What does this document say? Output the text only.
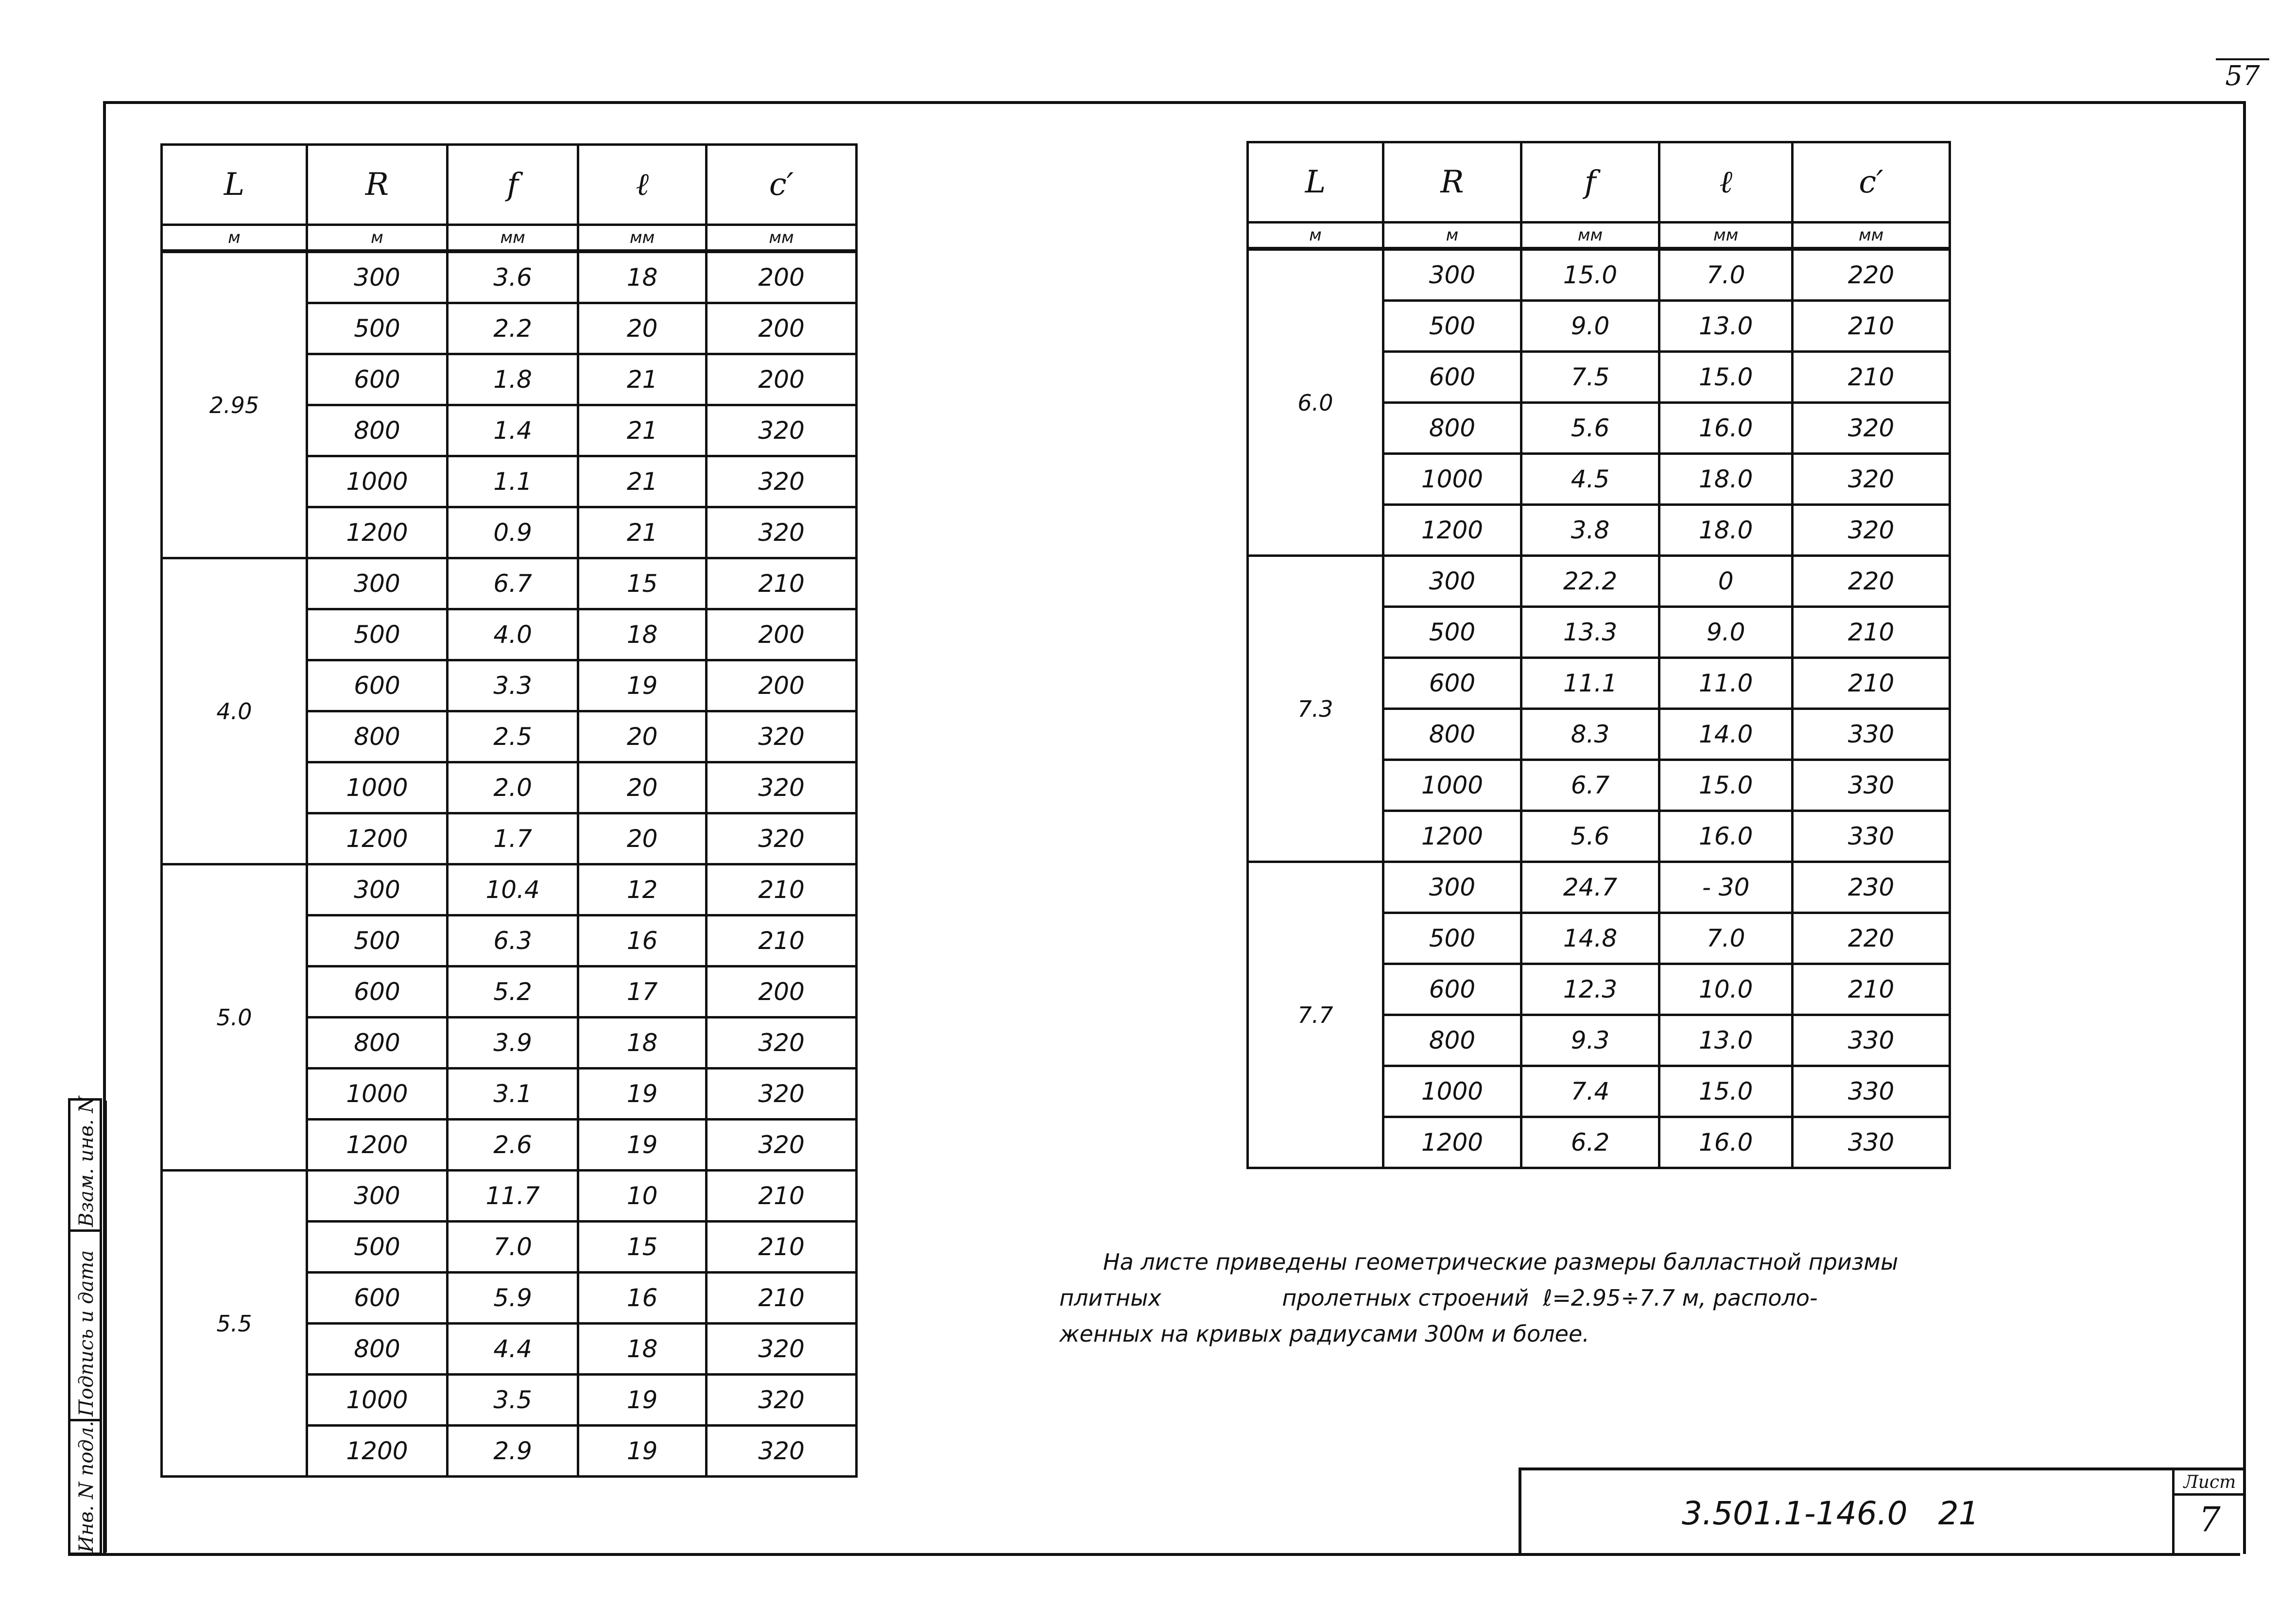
57
Взам. инв. N
Подпись и дата
Инв. N подл.
L	R	f	ℓ	c′
м	м	мм	мм	мм
2.95	300	3.6	18	200
	500	2.2	20	200
	600	1.8	21	200
	800	1.4	21	320
	1000	1.1	21	320
	1200	0.9	21	320
4.0	300	6.7	15	210
	500	4.0	18	200
	600	3.3	19	200
	800	2.5	20	320
	1000	2.0	20	320
	1200	1.7	20	320
5.0	300	10.4	12	210
	500	6.3	16	210
	600	5.2	17	200
	800	3.9	18	320
	1000	3.1	19	320
	1200	2.6	19	320
5.5	300	11.7	10	210
	500	7.0	15	210
	600	5.9	16	210
	800	4.4	18	320
	1000	3.5	19	320
	1200	2.9	19	320
L	R	f	ℓ	c′
м	м	мм	мм	мм
6.0	300	15.0	7.0	220
	500	9.0	13.0	210
	600	7.5	15.0	210
	800	5.6	16.0	320
	1000	4.5	18.0	320
	1200	3.8	18.0	320
7.3	300	22.2	0	220
	500	13.3	9.0	210
	600	11.1	11.0	210
	800	8.3	14.0	330
	1000	6.7	15.0	330
	1200	5.6	16.0	330
7.7	300	24.7	- 30	230
	500	14.8	7.0	220
	600	12.3	10.0	210
	800	9.3	13.0	330
	1000	7.4	15.0	330
	1200	6.2	16.0	330

На листе приведены геометрические размеры балластной призмы

плитных                 пролетных строений  ℓ=2.95÷7.7 м, располо-

женных на кривых радиусами 300м и более.

3.501.1-146.0   21
Лист
7
